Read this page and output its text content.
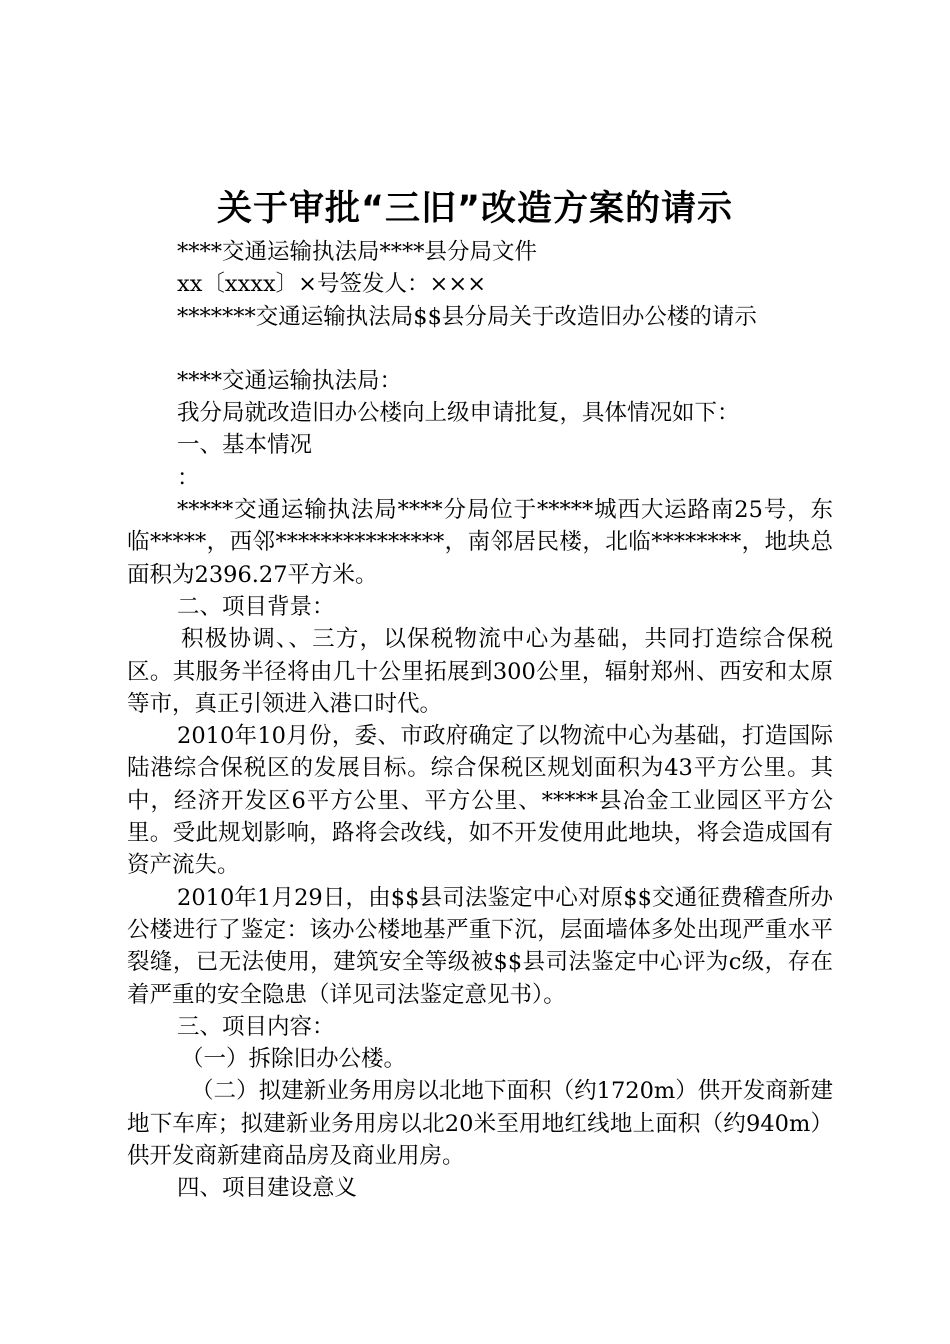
关于审批“三旧”改造方案的请示

****交通运输执法局****县分局文件

xx〔xxxx〕×号签发人：×××

*******交通运输执法局$$县分局关于改造旧办公楼的请示

****交通运输执法局：

我分局就改造旧办公楼向上级申请批复，具体情况如下：

一、基本情况

：

*****交通运输执法局****分局位于*****城西大运路南25号，东临*****，西邻***************，南邻居民楼，北临********，地块总面积为2396.27平方米。

二、项目背景：

积极协调、、三方，以保税物流中心为基础，共同打造综合保税区。其服务半径将由几十公里拓展到300公里，辐射郑州、西安和太原等市，真正引领进入港口时代。

2010年10月份，委、市政府确定了以物流中心为基础，打造国际陆港综合保税区的发展目标。综合保税区规划面积为43平方公里。其中，经济开发区6平方公里、平方公里、*****县冶金工业园区平方公里。受此规划影响，路将会改线，如不开发使用此地块，将会造成国有资产流失。

2010年1月29日，由$$县司法鉴定中心对原$$交通征费稽查所办公楼进行了鉴定：该办公楼地基严重下沉，层面墙体多处出现严重水平裂缝，已无法使用，建筑安全等级被$$县司法鉴定中心评为c级，存在着严重的安全隐患（详见司法鉴定意见书）。

三、项目内容：

（一）拆除旧办公楼。

（二）拟建新业务用房以北地下面积（约1720m）供开发商新建地下车库；拟建新业务用房以北20米至用地红线地上面积（约940m）供开发商新建商品房及商业用房。

四、项目建设意义
